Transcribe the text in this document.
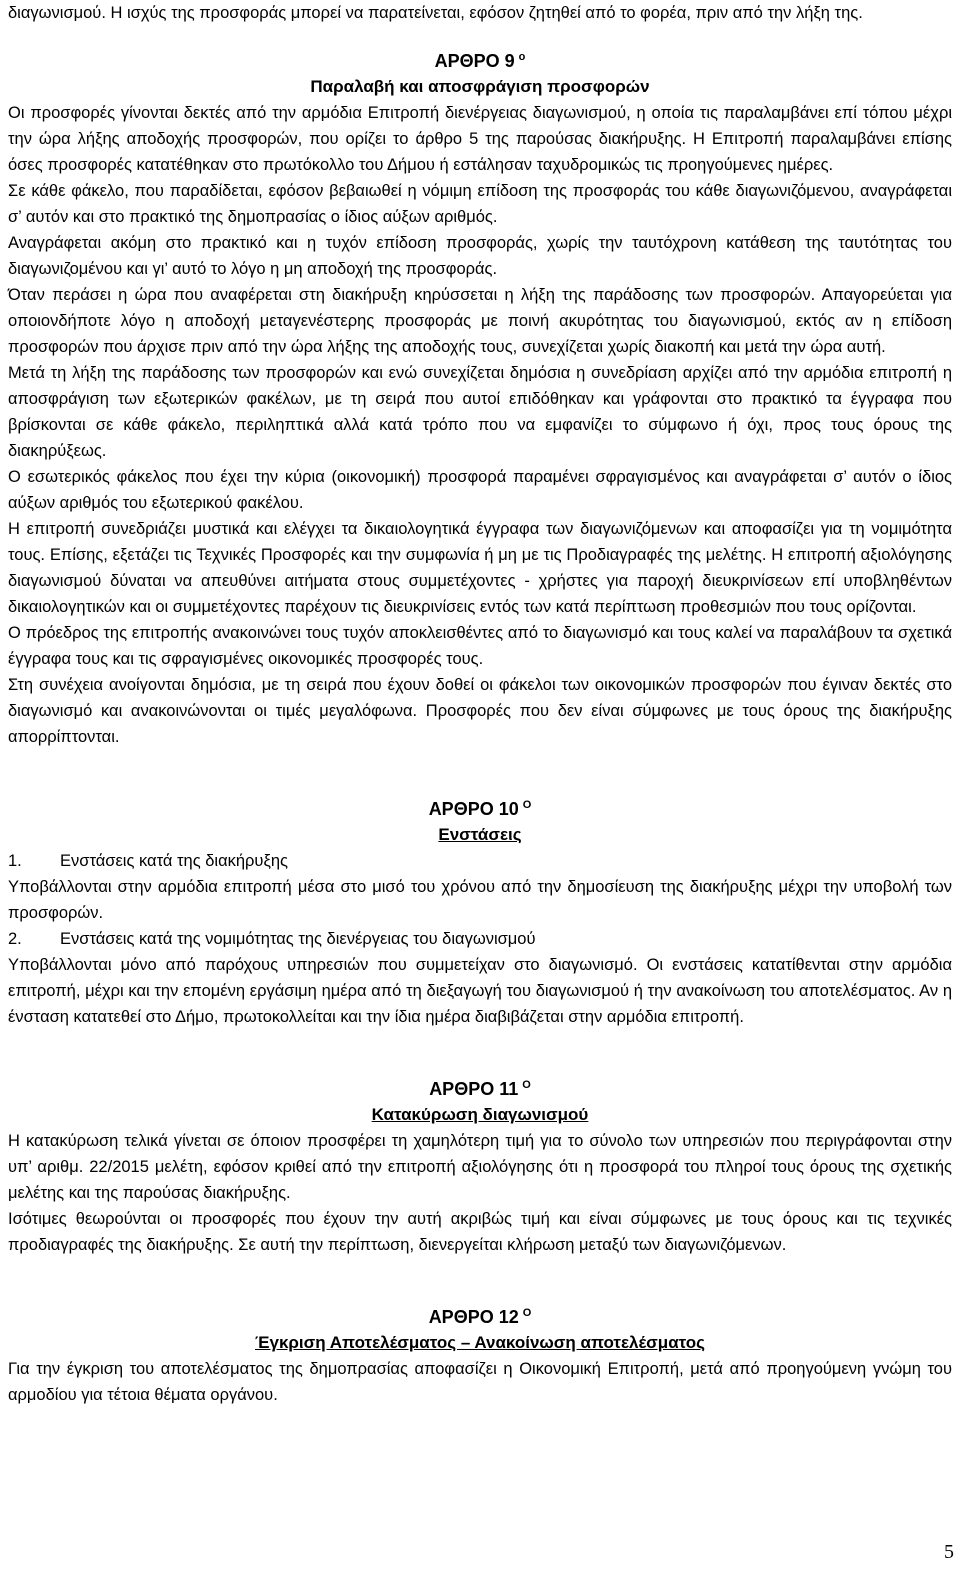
διαγωνισμού. Η ισχύς της προσφοράς μπορεί να παρατείνεται, εφόσον ζητηθεί από το φορέα, πριν από την λήξη της.

ΑΡΘΡΟ 9 $^o$

Παραλαβή και αποσφράγιση προσφορών

Οι προσφορές γίνονται δεκτές από την αρμόδια Επιτροπή διενέργειας διαγωνισμού, η οποία τις παραλαμβάνει επί τόπου μέχρι την ώρα λήξης αποδοχής προσφορών, που ορίζει το άρθρο 5 της παρούσας διακήρυξης. Η Επιτροπή παραλαμβάνει επίσης όσες προσφορές κατατέθηκαν στο πρωτόκολλο του Δήμου ή εστάλησαν ταχυδρομικώς τις προηγούμενες ημέρες.

Σε κάθε φάκελο, που παραδίδεται, εφόσον βεβαιωθεί η νόμιμη επίδοση της προσφοράς του κάθε διαγωνιζόμενου, αναγράφεται σ’ αυτόν και στο πρακτικό της δημοπρασίας ο ίδιος αύξων αριθμός.

Αναγράφεται ακόμη στο πρακτικό και η τυχόν επίδοση προσφοράς, χωρίς την ταυτόχρονη κατάθεση της ταυτότητας του διαγωνιζομένου και γι’ αυτό το λόγο η μη αποδοχή της προσφοράς.

Όταν περάσει η ώρα που αναφέρεται στη διακήρυξη κηρύσσεται η λήξη της παράδοσης των προσφορών. Απαγορεύεται για οποιονδήποτε λόγο η αποδοχή μεταγενέστερης προσφοράς με ποινή ακυρότητας του διαγωνισμού, εκτός αν η επίδοση προσφορών που άρχισε πριν από την ώρα λήξης της αποδοχής τους, συνεχίζεται χωρίς διακοπή και μετά την ώρα αυτή.

Μετά τη λήξη της παράδοσης των προσφορών και ενώ συνεχίζεται δημόσια η συνεδρίαση αρχίζει από την αρμόδια επιτροπή η αποσφράγιση των εξωτερικών φακέλων, με τη σειρά που αυτοί επιδόθηκαν και γράφονται στο πρακτικό τα έγγραφα που βρίσκονται σε κάθε φάκελο, περιληπτικά αλλά κατά τρόπο που να εμφανίζει το σύμφωνο ή όχι, προς τους όρους της διακηρύξεως.

Ο εσωτερικός φάκελος που έχει την κύρια (οικονομική) προσφορά παραμένει σφραγισμένος και αναγράφεται σ’ αυτόν ο ίδιος αύξων αριθμός του εξωτερικού φακέλου.

Η επιτροπή συνεδριάζει μυστικά και ελέγχει τα δικαιολογητικά έγγραφα των διαγωνιζόμενων και αποφασίζει για τη νομιμότητα τους. Επίσης, εξετάζει τις Τεχνικές Προσφορές και την συμφωνία ή μη με τις Προδιαγραφές της μελέτης. Η επιτροπή αξιολόγησης διαγωνισμού δύναται να απευθύνει αιτήματα στους συμμετέχοντες - χρήστες για παροχή διευκρινίσεων επί υποβληθέντων δικαιολογητικών και οι συμμετέχοντες παρέχουν τις διευκρινίσεις εντός των κατά περίπτωση προθεσμιών που τους ορίζονται.

Ο πρόεδρος της επιτροπής ανακοινώνει τους τυχόν αποκλεισθέντες από το διαγωνισμό και τους καλεί να παραλάβουν τα σχετικά έγγραφα τους και τις σφραγισμένες οικονομικές προσφορές τους.

Στη συνέχεια ανοίγονται δημόσια, με τη σειρά που έχουν δοθεί οι φάκελοι των οικονομικών προσφορών που έγιναν δεκτές στο διαγωνισμό και ανακοινώνονται οι τιμές μεγαλόφωνα. Προσφορές που δεν είναι σύμφωνες με τους όρους της διακήρυξης απορρίπτονται.

ΑΡΘΡΟ 10 $^O$

Ενστάσεις

1. Ενστάσεις κατά της διακήρυξης

Υποβάλλονται στην αρμόδια επιτροπή μέσα στο μισό του χρόνου από την δημοσίευση της διακήρυξης μέχρι την υποβολή των προσφορών.

2. Ενστάσεις κατά της νομιμότητας της διενέργειας του διαγωνισμού

Υποβάλλονται μόνο από παρόχους υπηρεσιών που συμμετείχαν στο διαγωνισμό. Οι ενστάσεις κατατίθενται στην αρμόδια επιτροπή, μέχρι και την επομένη εργάσιμη ημέρα από τη διεξαγωγή του διαγωνισμού ή την ανακοίνωση του αποτελέσματος. Αν η ένσταση κατατεθεί στο Δήμο, πρωτοκολλείται και την ίδια ημέρα διαβιβάζεται στην αρμόδια επιτροπή.

ΑΡΘΡΟ 11 $^O$

Κατακύρωση διαγωνισμού

Η κατακύρωση τελικά γίνεται σε όποιον προσφέρει τη χαμηλότερη τιμή για το σύνολο των υπηρεσιών που περιγράφονται στην υπ’ αριθμ. 22/2015 μελέτη, εφόσον κριθεί από την επιτροπή αξιολόγησης ότι η προσφορά του πληροί τους όρους της σχετικής μελέτης και της παρούσας διακήρυξης.

Ισότιμες θεωρούνται οι προσφορές που έχουν την αυτή ακριβώς τιμή και είναι σύμφωνες με τους όρους και τις τεχνικές προδιαγραφές της διακήρυξης. Σε αυτή την περίπτωση, διενεργείται κλήρωση μεταξύ των διαγωνιζόμενων.

ΑΡΘΡΟ 12 $^O$

Έγκριση Αποτελέσματος – Ανακοίνωση αποτελέσματος

Για την έγκριση του αποτελέσματος της δημοπρασίας αποφασίζει η Οικονομική Επιτροπή, μετά από προηγούμενη γνώμη του αρμοδίου για τέτοια θέματα οργάνου.

5
